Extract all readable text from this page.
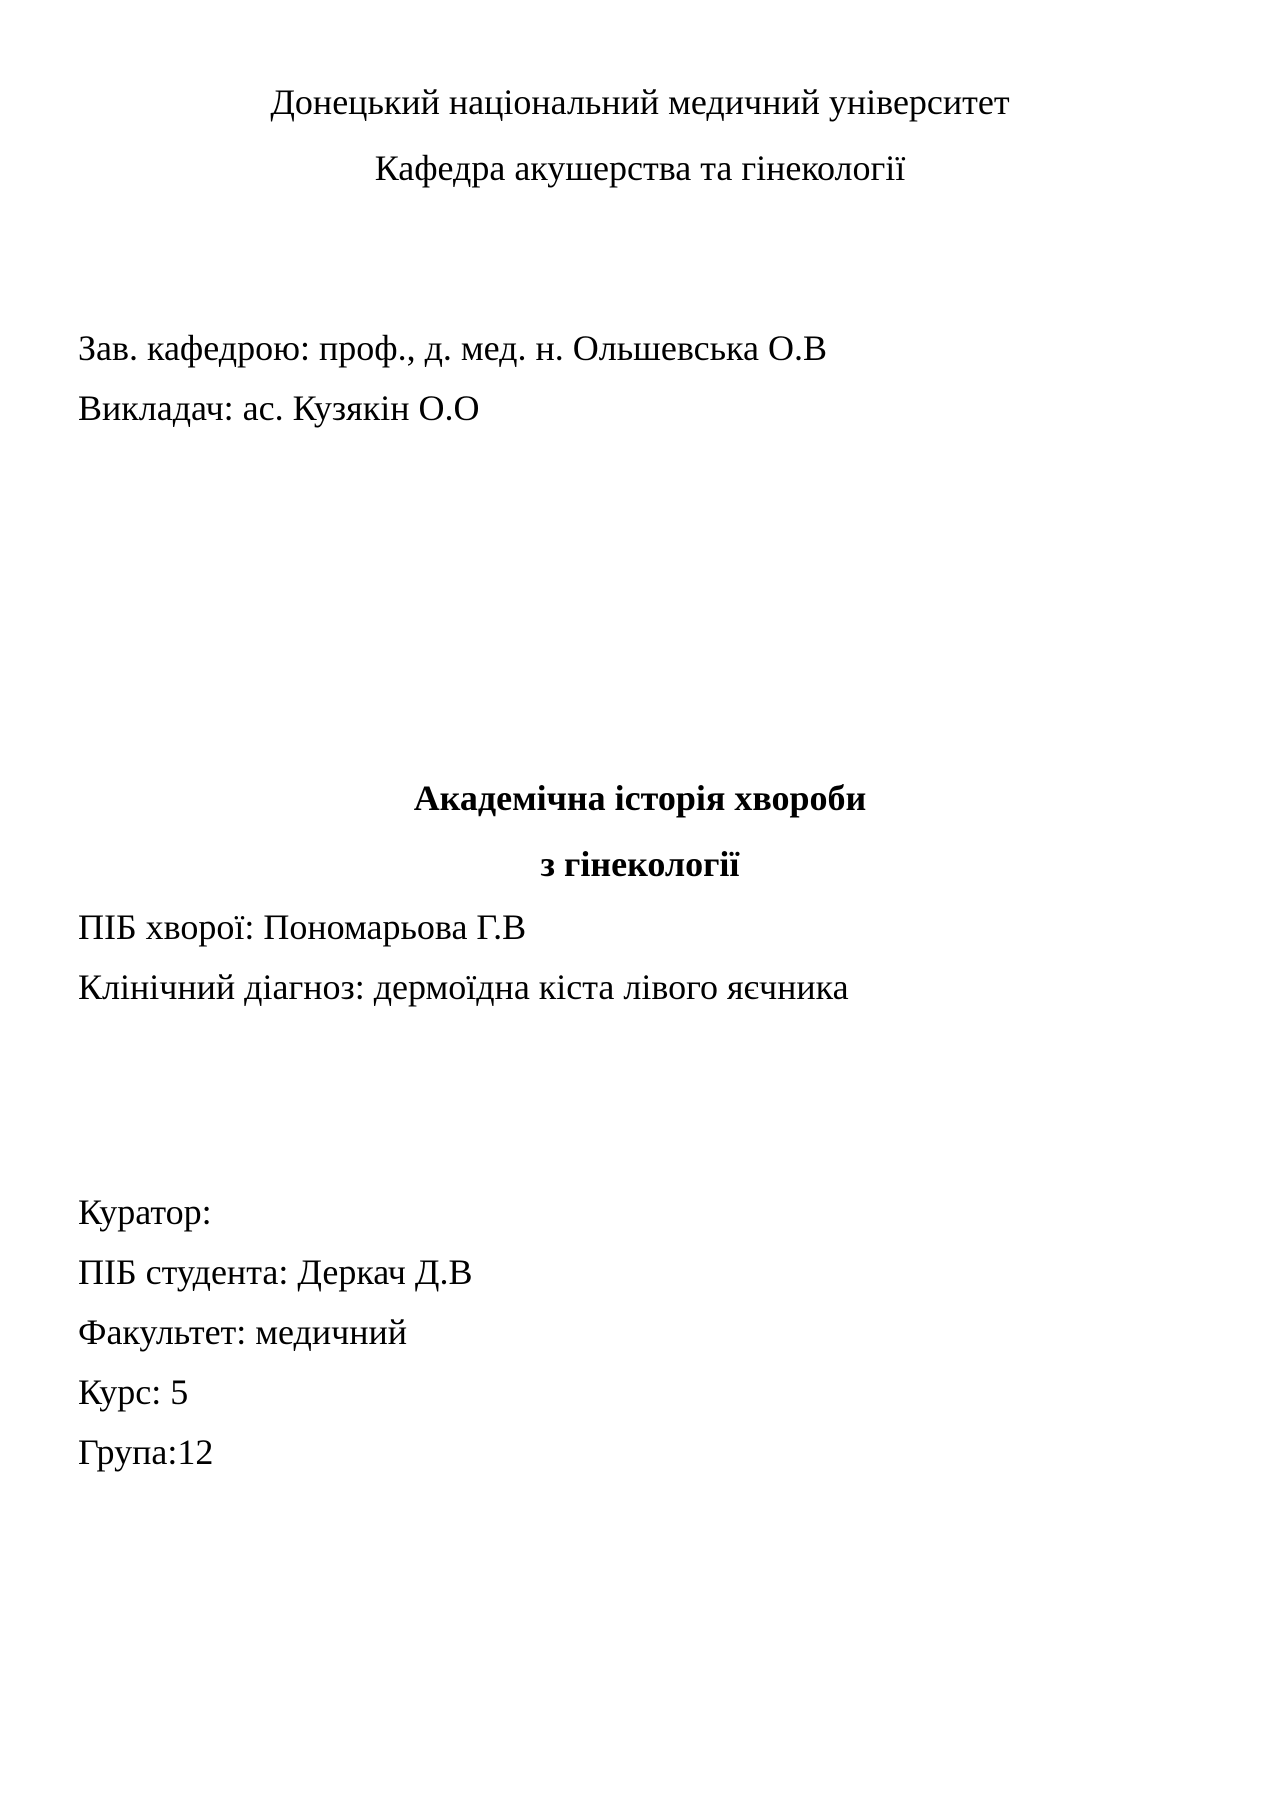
Донецький національний медичний університет
Кафедра акушерства та гінекології
Зав. кафедрою: проф., д. мед. н. Ольшевська О.В
Викладач: ас. Кузякін О.О
Академічна історія хвороби
з гінекології
ПІБ хворої: Пономарьова Г.В
Клінічний діагноз: дермоїдна кіста лівого яєчника
Куратор:
ПІБ студента: Деркач Д.В
Факультет: медичний
Курс: 5
Група:12
